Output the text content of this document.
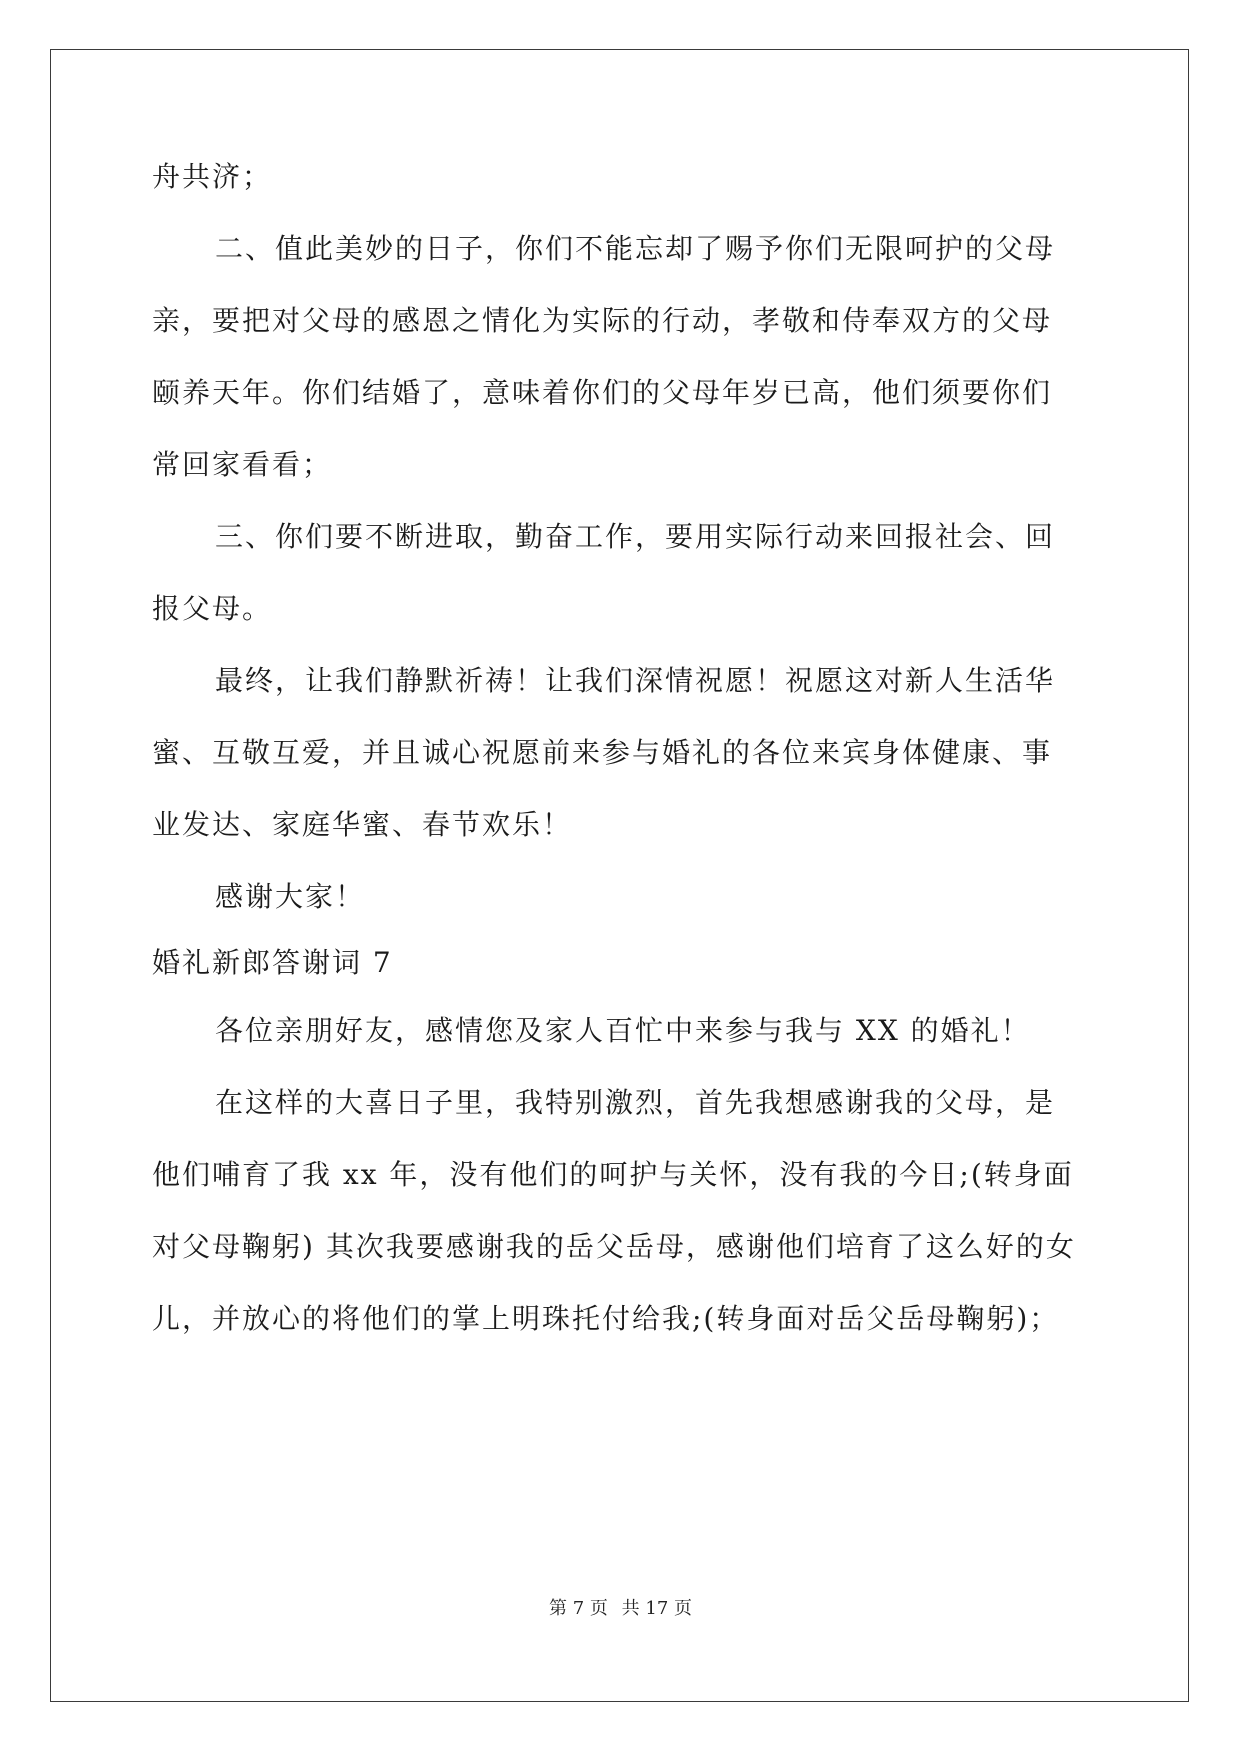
舟共济；
二、值此美妙的日子，你们不能忘却了赐予你们无限呵护的父母
亲，要把对父母的感恩之情化为实际的行动，孝敬和侍奉双方的父母
颐养天年。你们结婚了，意味着你们的父母年岁已高，他们须要你们
常回家看看；
三、你们要不断进取，勤奋工作，要用实际行动来回报社会、回
报父母。
最终，让我们静默祈祷！让我们深情祝愿！祝愿这对新人生活华
蜜、互敬互爱，并且诚心祝愿前来参与婚礼的各位来宾身体健康、事
业发达、家庭华蜜、春节欢乐！
感谢大家！
婚礼新郎答谢词 7
各位亲朋好友，感情您及家人百忙中来参与我与 XX 的婚礼！
在这样的大喜日子里，我特别激烈，首先我想感谢我的父母，是
他们哺育了我 xx 年，没有他们的呵护与关怀，没有我的今日;(转身面
对父母鞠躬) 其次我要感谢我的岳父岳母，感谢他们培育了这么好的女
儿，并放心的将他们的掌上明珠托付给我;(转身面对岳父岳母鞠躬)；
第 7 页 共 17 页
